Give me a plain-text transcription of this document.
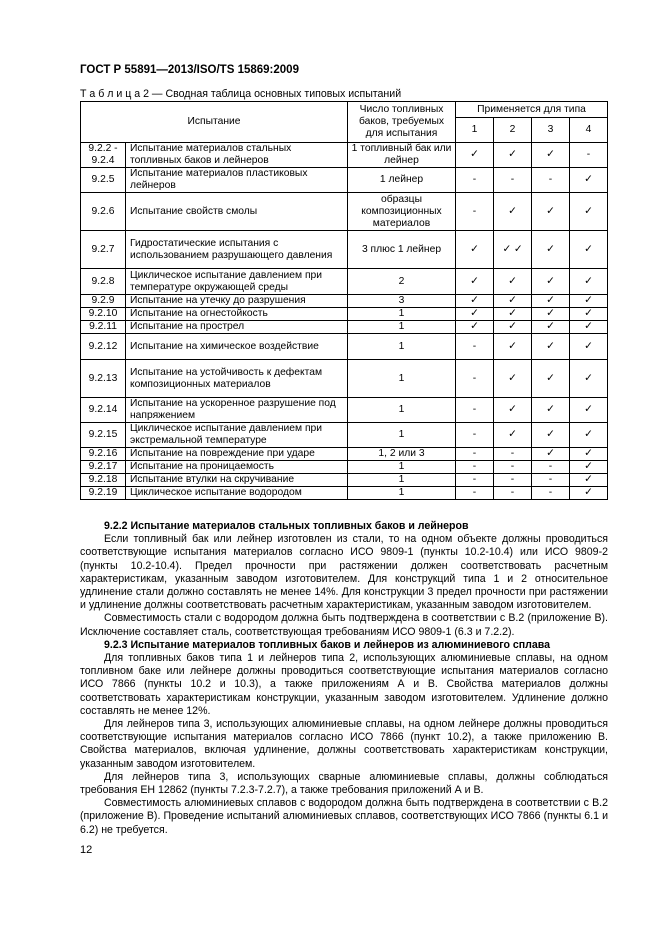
ГОСТ Р 55891—2013/ISO/TS 15869:2009
Т а б л и ц а 2 — Сводная таблица основных типовых испытаний
Испытание		Число топливных баков, требуемых для испытания	Применяется для типа			
			1	2	3	4
9.2.2 - 9.2.4	Испытание материалов стальных топливных баков и лейнеров	1 топливный бак или лейнер	✓	✓	✓	-
9.2.5	Испытание материалов пластиковых лейнеров	1 лейнер	-	-	-	✓
9.2.6	Испытание свойств смолы	образцы композиционных материалов	-	✓	✓	✓
9.2.7	Гидростатические испытания с использованием разрушающего давления	3 плюс 1 лейнер	✓	✓ ✓	✓	✓
9.2.8	Циклическое испытание давлением при температуре окружающей среды	2	✓	✓	✓	✓
9.2.9	Испытание на утечку до разрушения	3	✓	✓	✓	✓
9.2.10	Испытание на огнестойкость	1	✓	✓	✓	✓
9.2.11	Испытание на прострел	1	✓	✓	✓	✓
9.2.12	Испытание на химическое воздействие	1	-	✓	✓	✓
9.2.13	Испытание на устойчивость к дефектам композиционных материалов	1	-	✓	✓	✓
9.2.14	Испытание на ускоренное разрушение под напряжением	1	-	✓	✓	✓
9.2.15	Циклическое испытание давлением при экстремальной температуре	1	-	✓	✓	✓
9.2.16	Испытание на повреждение при ударе	1, 2 или 3	-	-	✓	✓
9.2.17	Испытание на проницаемость	1	-	-	-	✓
9.2.18	Испытание втулки на скручивание	1	-	-	-	✓
9.2.19	Циклическое испытание водородом	1	-	-	-	✓
9.2.2 Испытание материалов стальных топливных баков и лейнеров

Если топливный бак или лейнер изготовлен из стали, то на одном объекте должны проводиться соответствующие испытания материалов согласно ИСО 9809-1 (пункты 10.2-10.4) или ИСО 9809-2 (пункты 10.2-10.4). Предел прочности при растяжении должен соответствовать расчетным характеристикам, указанным заводом изготовителем. Для конструкций типа 1 и 2 относительное удлинение стали должно составлять не менее 14%. Для конструкции 3 предел прочности при растяжении и удлинение должны соответствовать расчетным характеристикам, указанным заводом изготовителем.

Совместимость стали с водородом должна быть подтверждена в соответствии с В.2 (приложение В). Исключение составляет сталь, соответствующая требованиям ИСО 9809-1 (6.3 и 7.2.2).

9.2.3 Испытание материалов топливных баков и лейнеров из алюминиевого сплава

Для топливных баков типа 1 и лейнеров типа 2, использующих алюминиевые сплавы, на одном топливном баке или лейнере должны проводиться соответствующие испытания материалов согласно ИСО 7866 (пункты 10.2 и 10.3), а также приложениям А и В. Свойства материалов должны соответствовать характеристикам конструкции, указанным заводом изготовителем. Удлинение должно составлять не менее 12%.

Для лейнеров типа 3, использующих алюминиевые сплавы, на одном лейнере должны проводиться соответствующие испытания материалов согласно ИСО 7866 (пункт 10.2), а также приложению В. Свойства материалов, включая удлинение, должны соответствовать характеристикам конструкции, указанным заводом изготовителем.

Для лейнеров типа 3, использующих сварные алюминиевые сплавы, должны соблюдаться требования ЕН 12862 (пункты 7.2.3-7.2.7), а также требования приложений А и В.

Совместимость алюминиевых сплавов с водородом должна быть подтверждена в соответствии с В.2 (приложение В). Проведение испытаний алюминиевых сплавов, соответствующих ИСО 7866 (пункты 6.1 и 6.2) не требуется.

12
